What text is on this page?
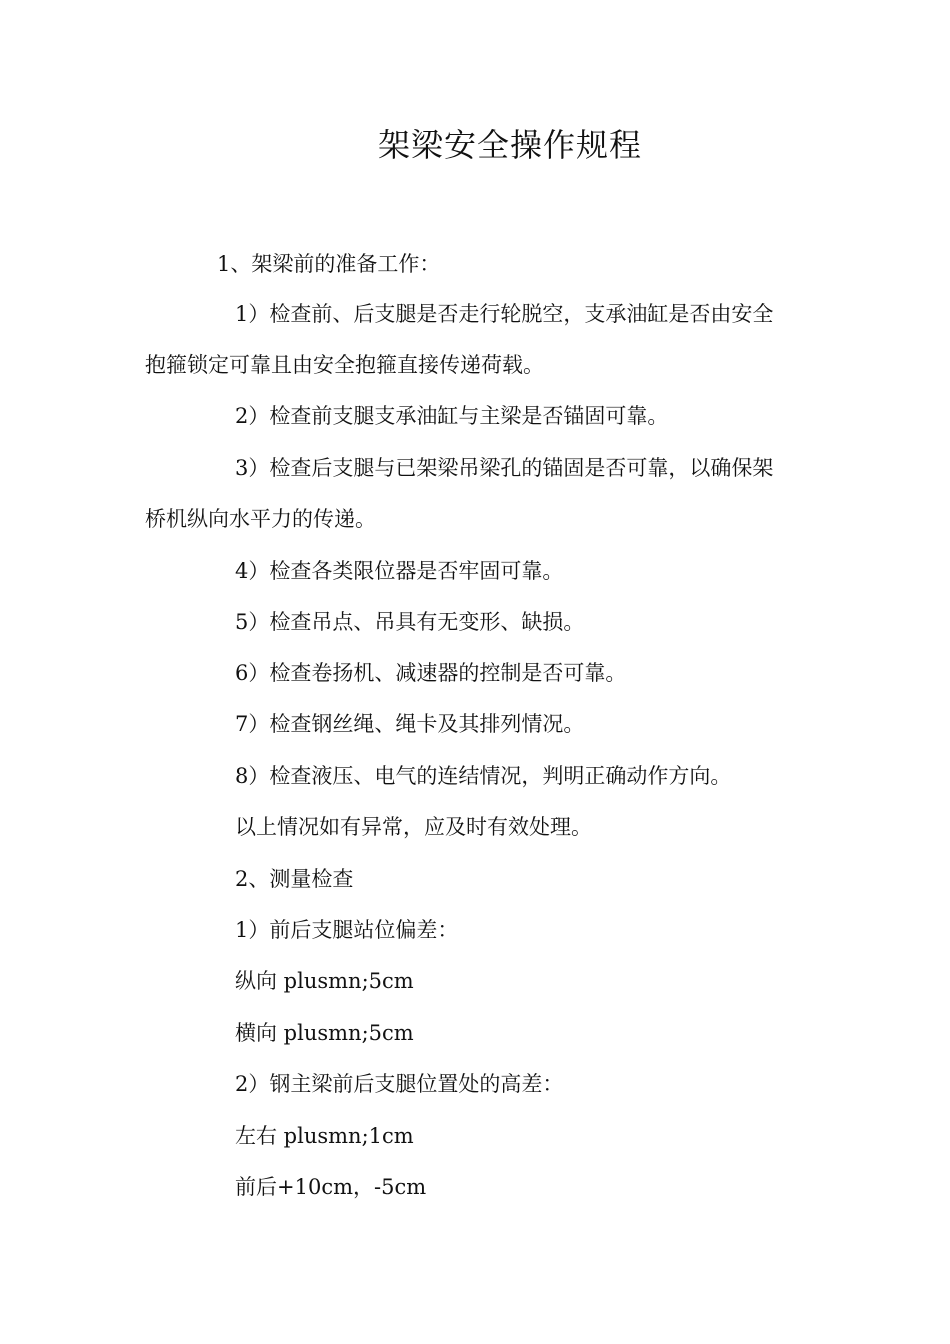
架梁安全操作规程
1、架梁前的准备工作：
1）检查前、后支腿是否走行轮脱空，支承油缸是否由安全
抱箍锁定可靠且由安全抱箍直接传递荷载。
2）检查前支腿支承油缸与主梁是否锚固可靠。
3）检查后支腿与已架梁吊梁孔的锚固是否可靠，以确保架
桥机纵向水平力的传递。
4）检查各类限位器是否牢固可靠。
5）检查吊点、吊具有无变形、缺损。
6）检查卷扬机、减速器的控制是否可靠。
7）检查钢丝绳、绳卡及其排列情况。
8）检查液压、电气的连结情况，判明正确动作方向。
以上情况如有异常，应及时有效处理。
2、测量检查
1）前后支腿站位偏差：
纵向 plusmn;5cm
横向 plusmn;5cm
2）钢主梁前后支腿位置处的高差：
左右 plusmn;1cm
前后+10cm，-5cm
